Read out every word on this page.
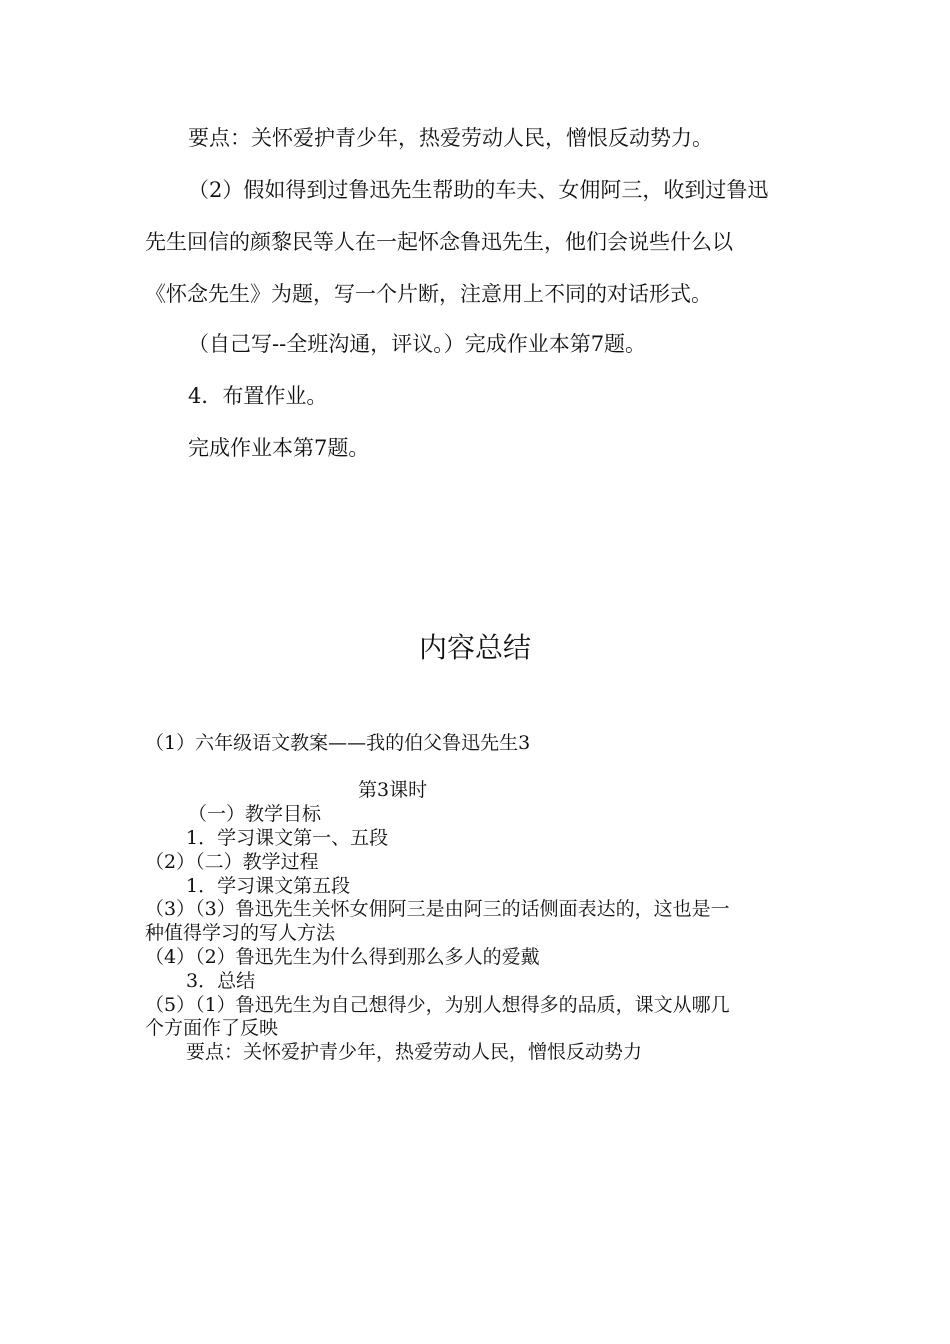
要点：关怀爱护青少年，热爱劳动人民，憎恨反动势力。
（2）假如得到过鲁迅先生帮助的车夫、女佣阿三，收到过鲁迅
先生回信的颜黎民等人在一起怀念鲁迅先生，他们会说些什么以
《怀念先生》为题，写一个片断，注意用上不同的对话形式。
（自己写--全班沟通，评议。）完成作业本第7题。
4．布置作业。
完成作业本第7题。
内容总结
（1）六年级语文教案——我的伯父鲁迅先生3
第3课时
（一）教学目标
1．学习课文第一、五段
（2）（二）教学过程
1．学习课文第五段
（3）（3）鲁迅先生关怀女佣阿三是由阿三的话侧面表达的，这也是一
种值得学习的写人方法
（4）（2）鲁迅先生为什么得到那么多人的爱戴
3．总结
（5）（1）鲁迅先生为自己想得少，为别人想得多的品质，课文从哪几
个方面作了反映
要点：关怀爱护青少年，热爱劳动人民，憎恨反动势力
